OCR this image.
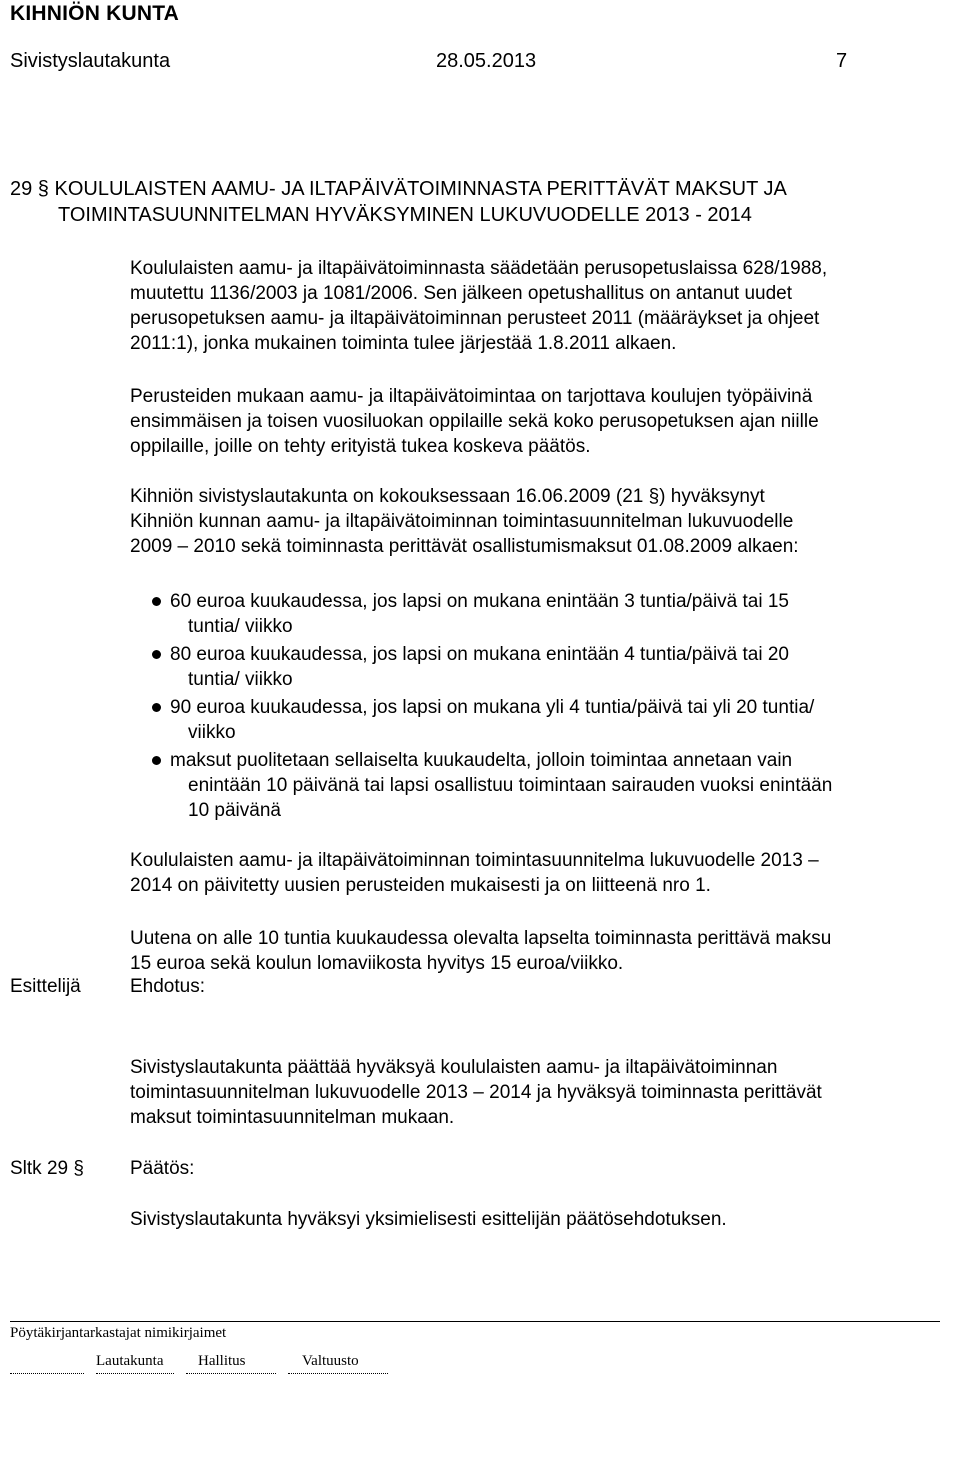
KIHNIÖN KUNTA
Sivistyslautakunta	28.05.2013	7
29 § KOULULAISTEN AAMU- JA ILTAPÄIVÄTOIMINNASTA PERITTÄVÄT MAKSUT JA
TOIMINTASUUNNITELMAN HYVÄKSYMINEN LUKUVUODELLE 2013 - 2014
Koululaisten aamu- ja iltapäivätoiminnasta säädetään perusopetuslaissa 628/1988,
muutettu 1136/2003 ja 1081/2006. Sen jälkeen opetushallitus on antanut uudet
perusopetuksen aamu- ja iltapäivätoiminnan perusteet 2011 (määräykset ja ohjeet
2011:1), jonka mukainen toiminta tulee järjestää 1.8.2011 alkaen.
Perusteiden mukaan aamu- ja iltapäivätoimintaa on tarjottava koulujen työpäivinä
ensimmäisen ja toisen vuosiluokan oppilaille sekä koko perusopetuksen ajan niille
oppilaille, joille on tehty erityistä tukea koskeva päätös.
Kihniön sivistyslautakunta on kokouksessaan 16.06.2009 (21 §) hyväksynyt
Kihniön kunnan aamu- ja iltapäivätoiminnan toimintasuunnitelman lukuvuodelle
2009 – 2010 sekä toiminnasta perittävät osallistumismaksut 01.08.2009 alkaen:
60 euroa kuukaudessa, jos lapsi on mukana enintään 3 tuntia/päivä tai 15
tuntia/ viikko
80 euroa kuukaudessa, jos lapsi on mukana enintään 4 tuntia/päivä tai 20
tuntia/ viikko
90 euroa kuukaudessa, jos lapsi on mukana yli 4 tuntia/päivä tai yli 20 tuntia/
viikko
maksut puolitetaan sellaiselta kuukaudelta, jolloin toimintaa annetaan vain
enintään 10 päivänä tai lapsi osallistuu toimintaan sairauden vuoksi enintään
10 päivänä
Koululaisten aamu- ja iltapäivätoiminnan toimintasuunnitelma lukuvuodelle 2013 –
2014 on päivitetty uusien perusteiden mukaisesti ja on liitteenä nro 1.
Uutena on alle 10 tuntia kuukaudessa olevalta lapselta toiminnasta perittävä maksu
15 euroa sekä koulun lomaviikosta hyvitys 15 euroa/viikko.
Esittelijä	Ehdotus:
Sivistyslautakunta päättää hyväksyä koululaisten aamu- ja iltapäivätoiminnan
toimintasuunnitelman lukuvuodelle 2013 – 2014 ja hyväksyä toiminnasta perittävät
maksut toimintasuunnitelman mukaan.
Sltk 29 § Päätös:
Sivistyslautakunta hyväksyi yksimielisesti esittelijän päätösehdotuksen.
Pöytäkirjantarkastajat nimikirjaimet
Lautakunta Hallitus	Valtuusto
